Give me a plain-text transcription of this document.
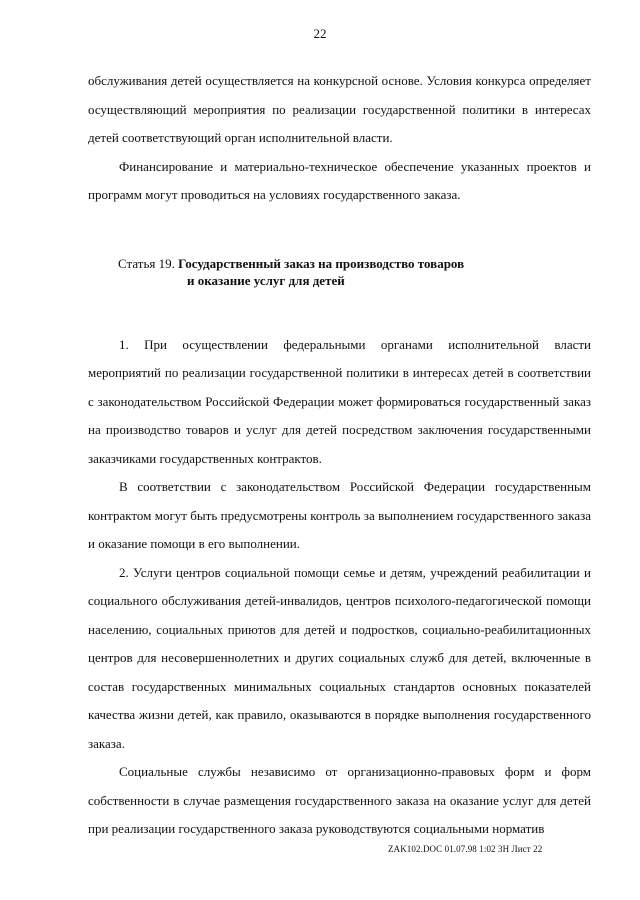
22

обслуживания детей осуществляется на конкурсной основе. Условия конкурса определяет осуществляющий мероприятия по реализации государственной политики в интересах детей соответствующий орган исполнительной власти.

Финансирование и материально-техническое обеспечение указанных проектов и программ могут проводиться на условиях государственного заказа.

Статья 19. Государственный заказ на производство товаров
и оказание услуг для детей

1. При осуществлении федеральными органами исполнительной власти мероприятий по реализации государственной политики в интересах детей в соответствии с законодательством Российской Федерации может формироваться государственный заказ на производство товаров и услуг для детей посредством заключения государственными заказчиками государственных контрактов.

В соответствии с законодательством Российской Федерации государственным контрактом могут быть предусмотрены контроль за выполнением государственного заказа и оказание помощи в его выполнении.

2. Услуги центров социальной помощи семье и детям, учреждений реабилитации и социального обслуживания детей-инвалидов, центров психолого-педагогической помощи населению, социальных приютов для детей и подростков, социально-реабилитационных центров для несовершеннолетних и других социальных служб для детей, включенные в состав государственных минимальных социальных стандартов основных показателей качества жизни детей, как правило, оказываются в порядке выполнения государственного заказа.

Социальные службы независимо от организационно-правовых форм и форм собственности в случае размещения государственного заказа на оказание услуг для детей при реализации государственного заказа руководствуются социальными норматив

ZAK102.DOC 01.07.98 1:02 3H Лист 22
